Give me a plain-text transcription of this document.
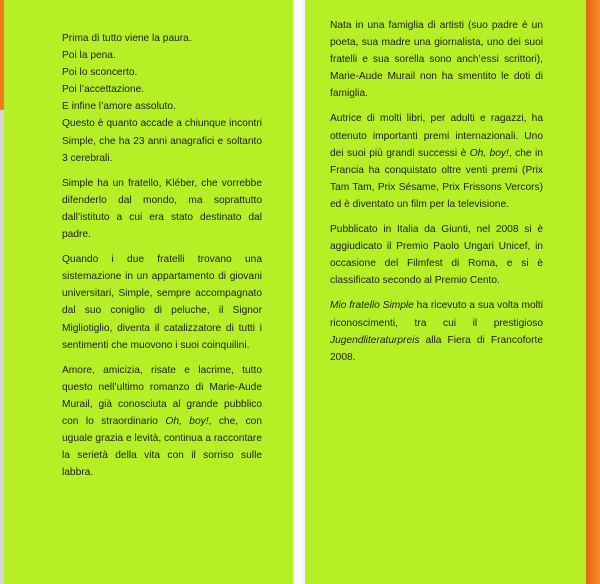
Prima di tutto viene la paura.

Poi la pena.

Poi lo sconcerto.

Poi l’accettazione.

E infine l’amore assoluto.

Questo è quanto accade a chiunque incontri Simple, che ha 23 anni anagrafici e soltanto 3 cerebrali.

Simple ha un fratello, Kléber, che vorrebbe difenderlo dal mondo, ma soprattutto dall’istituto a cui era stato destinato dal padre.

Quando i due fratelli trovano una sistemazione in un appartamento di giovani universitari, Simple, sempre accompagnato dal suo coniglio di peluche, il Signor Migliotiglio, diventa il catalizzatore di tutti i sentimenti che muovono i suoi coinquilini.

Amore, amicizia, risate e lacrime, tutto questo nell’ultimo romanzo di Marie-Aude Murail, già conosciuta al grande pubblico con lo straordinario Oh, boy!, che, con uguale grazia e levità, continua a raccontare la serietà della vita con il sorriso sulle labbra.

Nata in una famiglia di artisti (suo padre è un poeta, sua madre una giornalista, uno dei suoi fratelli e sua sorella sono anch’essi scrittori), Marie-Aude Murail non ha smentito le doti di famiglia.

Autrice di molti libri, per adulti e ragazzi, ha ottenuto importanti premi internazionali. Uno dei suoi più grandi successi è Oh, boy!, che in Francia ha conquistato oltre venti premi (Prix Tam Tam, Prix Sésame, Prix Frissons Vercors) ed è diventato un film per la televisione.

Pubblicato in Italia da Giunti, nel 2008 si è aggiudicato il Premio Paolo Ungari Unicef, in occasione del Filmfest di Roma, e si è classificato secondo al Premio Cento.

Mio fratello Simple ha ricevuto a sua volta molti riconoscimenti, tra cui il prestigioso Jugendliteraturpreis alla Fiera di Francoforte 2008.
